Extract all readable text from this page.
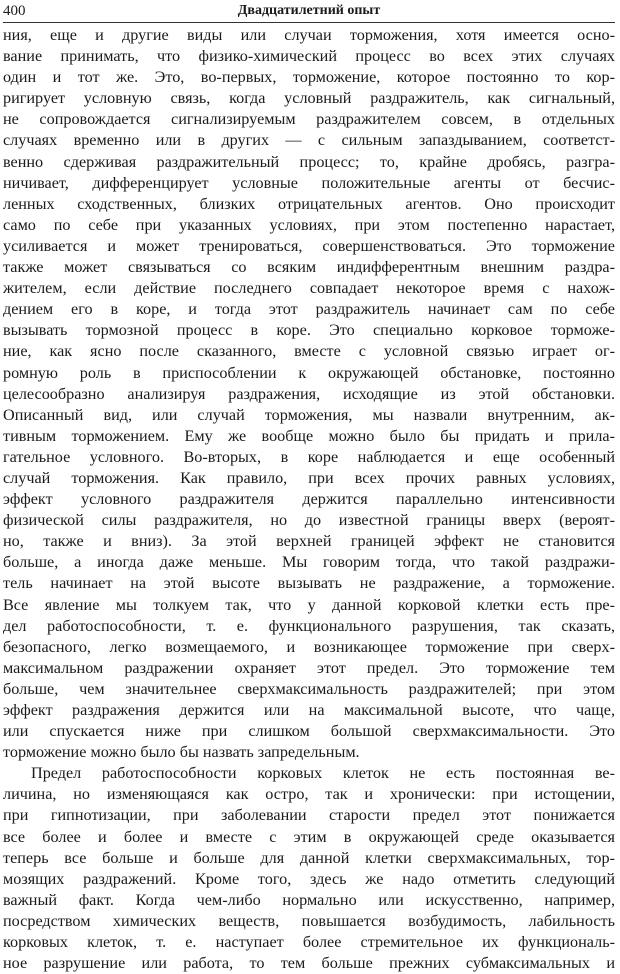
400	Двадцатилетний опыт
ния, еще и другие виды или случаи торможения, хотя имеется осно-
вание принимать, что физико-химический процесс во всех этих случаях
один и тот же. Это, во-первых, торможение, которое постоянно то кор-
ригирует условную связь, когда условный раздражитель, как сигнальный,
не сопровождается сигнализируемым раздражителем совсем, в отдельных
случаях временно или в других — с сильным запаздыванием, соответст-
венно сдерживая раздражительный процесс; то, крайне дробясь, разгра-
ничивает, дифференцирует условные положительные агенты от бесчис-
ленных сходственных, близких отрицательных агентов. Оно происходит
само по себе при указанных условиях, при этом постепенно нарастает,
усиливается и может тренироваться, совершенствоваться. Это торможение
также может связываться со всяким индифферентным внешним раздра-
жителем, если действие последнего совпадает некоторое время с нахож-
дением его в коре, и тогда этот раздражитель начинает сам по себе
вызывать тормозной процесс в коре. Это специально корковое торможе-
ние, как ясно после сказанного, вместе с условной связью играет ог-
ромную роль в приспособлении к окружающей обстановке, постоянно
целесообразно анализируя раздражения, исходящие из этой обстановки.
Описанный вид, или случай торможения, мы назвали внутренним, ак-
тивным торможением. Ему же вообще можно было бы придать и прила-
гательное условного. Во-вторых, в коре наблюдается и еще особенный
случай торможения. Как правило, при всех прочих равных условиях,
эффект условного раздражителя держится параллельно интенсивности
физической силы раздражителя, но до известной границы вверх (вероят-
но, также и вниз). За этой верхней границей эффект не становится
больше, а иногда даже меньше. Мы говорим тогда, что такой раздражи-
тель начинает на этой высоте вызывать не раздражение, а торможение.
Все явление мы толкуем так, что у данной корковой клетки есть пре-
дел работоспособности, т. е. функционального разрушения, так сказать,
безопасного, легко возмещаемого, и возникающее торможение при сверх-
максимальном раздражении охраняет этот предел. Это торможение тем
больше, чем значительнее сверхмаксимальность раздражителей; при этом
эффект раздражения держится или на максимальной высоте, что чаще,
или спускается ниже при слишком большой сверхмаксимальности. Это
торможение можно было бы назвать запредельным.
Предел работоспособности корковых клеток не есть постоянная ве-
личина, но изменяющаяся как остро, так и хронически: при истощении,
при гипнотизации, при заболевании старости предел этот понижается
все более и более и вместе с этим в окружающей среде оказывается
теперь все больше и больше для данной клетки сверхмаксимальных, тор-
мозящих раздражений. Кроме того, здесь же надо отметить следующий
важный факт. Когда чем-либо нормально или искусственно, например,
посредством химических веществ, повышается возбудимость, лабильность
корковых клеток, т. е. наступает более стремительное их функциональ-
ное разрушение или работа, то тем больше прежних субмаксимальных и
